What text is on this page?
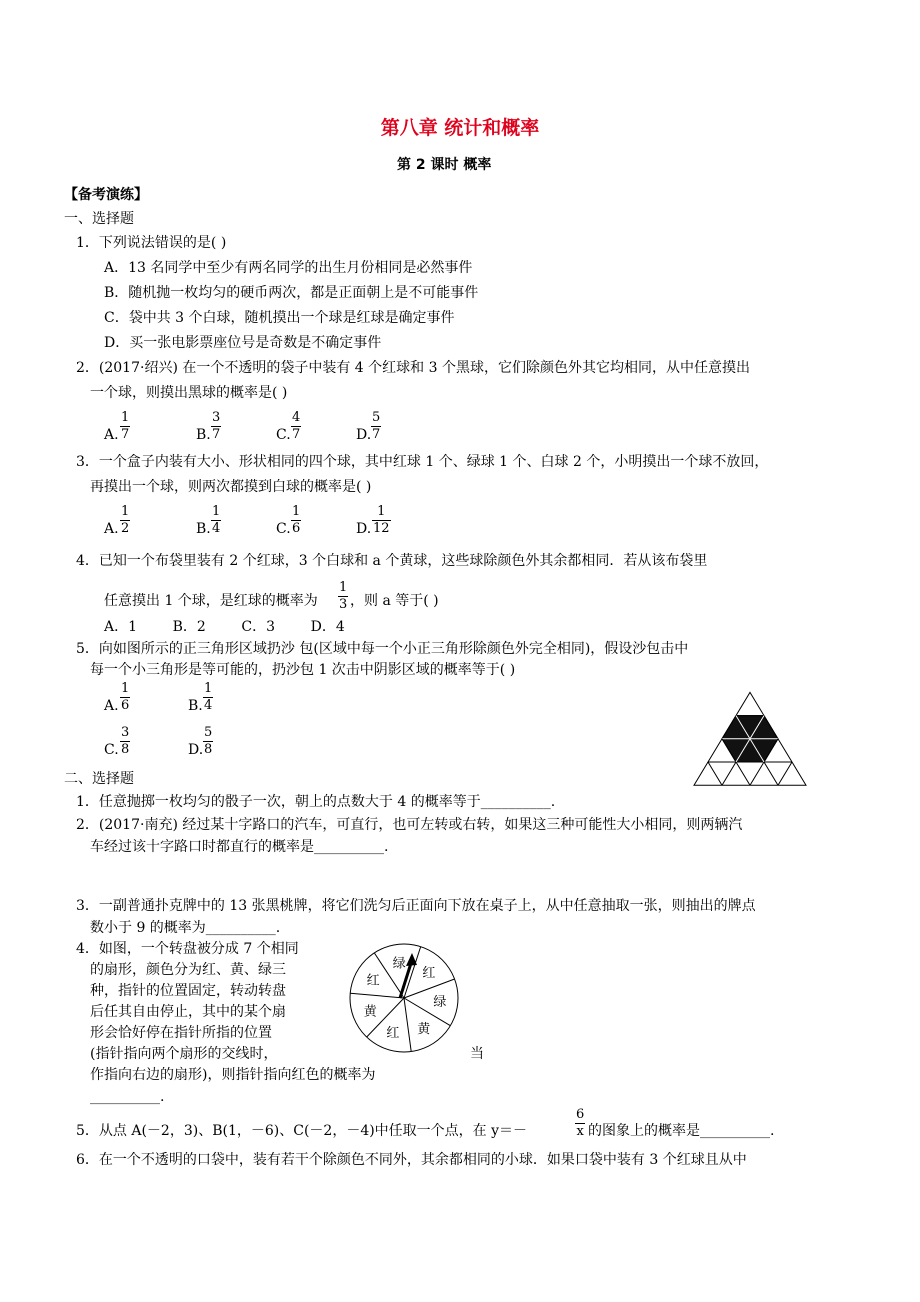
第八章 统计和概率
第 2 课时 概率
【备考演练】
一、选择题
1．下列说法错误的是( )
A．13 名同学中至少有两名同学的出生月份相同是必然事件
B．随机抛一枚均匀的硬币两次，都是正面朝上是不可能事件
C．袋中共 3 个白球，随机摸出一个球是红球是确定事件
D．买一张电影票座位号是奇数是不确定事件
2．(2017·绍兴) 在一个不透明的袋子中装有 4 个红球和 3 个黑球，它们除颜色外其它均相同，从中任意摸出
一个球，则摸出黑球的概率是( )
A. $\frac{1}{7}$	B. $\frac{3}{7}$	C. $\frac{4}{7}$	D. $\frac{5}{7}$
3．一个盒子内装有大小、形状相同的四个球，其中红球 1 个、绿球 1 个、白球 2 个，小明摸出一个球不放回，
再摸出一个球，则两次都摸到白球的概率是( )
A. $\frac{1}{2}$	B. $\frac{1}{4}$	C. $\frac{1}{6}$	D. $\frac{1}{12}$
4．已知一个布袋里装有 2 个红球，3 个白球和 a 个黄球，这些球除颜色外其余都相同．若从该布袋里
任意摸出 1 个球，是红球的概率为 $\frac{1}{3}$ ，则 a 等于( )
A．1        B．2        C．3        D．4
5．向如图所示的正三角形区域扔沙 包(区域中每一个小正三角形除颜色外完全相同)，假设沙包击中
每一个小三角形是等可能的，扔沙包 1 次击中阴影区域的概率等于( )
A. $\frac{1}{6}$	B. $\frac{1}{4}$
C. $\frac{3}{8}$	D. $\frac{5}{8}$
二、选择题
1．任意抛掷一枚均匀的骰子一次，朝上的点数大于 4 的概率等于__________.
2．(2017·南充) 经过某十字路口的汽车，可直行，也可左转或右转，如果这三种可能性大小相同，则两辆汽
车经过该十字路口时都直行的概率是__________.
3．一副普通扑克牌中的 13 张黑桃牌，将它们洗匀后正面向下放在桌子上，从中任意抽取一张，则抽出的牌点
数小于 9 的概率为__________.
4．如图，一个转盘被分成 7 个相同
的扇形，颜色分为红、黄、绿三
种，指针的位置固定，转动转盘
后任其自由停止，其中的某个扇
形会恰好停在指针所指的位置
(指针指向两个扇形的交线时，	当
作指向右边的扇形)，则指针指向红色的概率为
__________.
红
绿
黄
红
黄
红
绿
5．从点 A(－2，3)、B(1，－6)、C(－2，－4)中任取一个点，在 y＝－	$\frac{6}{x}$ 的图象上的概率是__________.
6．在一个不透明的口袋中，装有若干个除颜色不同外，其余都相同的小球．如果口袋中装有 3 个红球且从中
